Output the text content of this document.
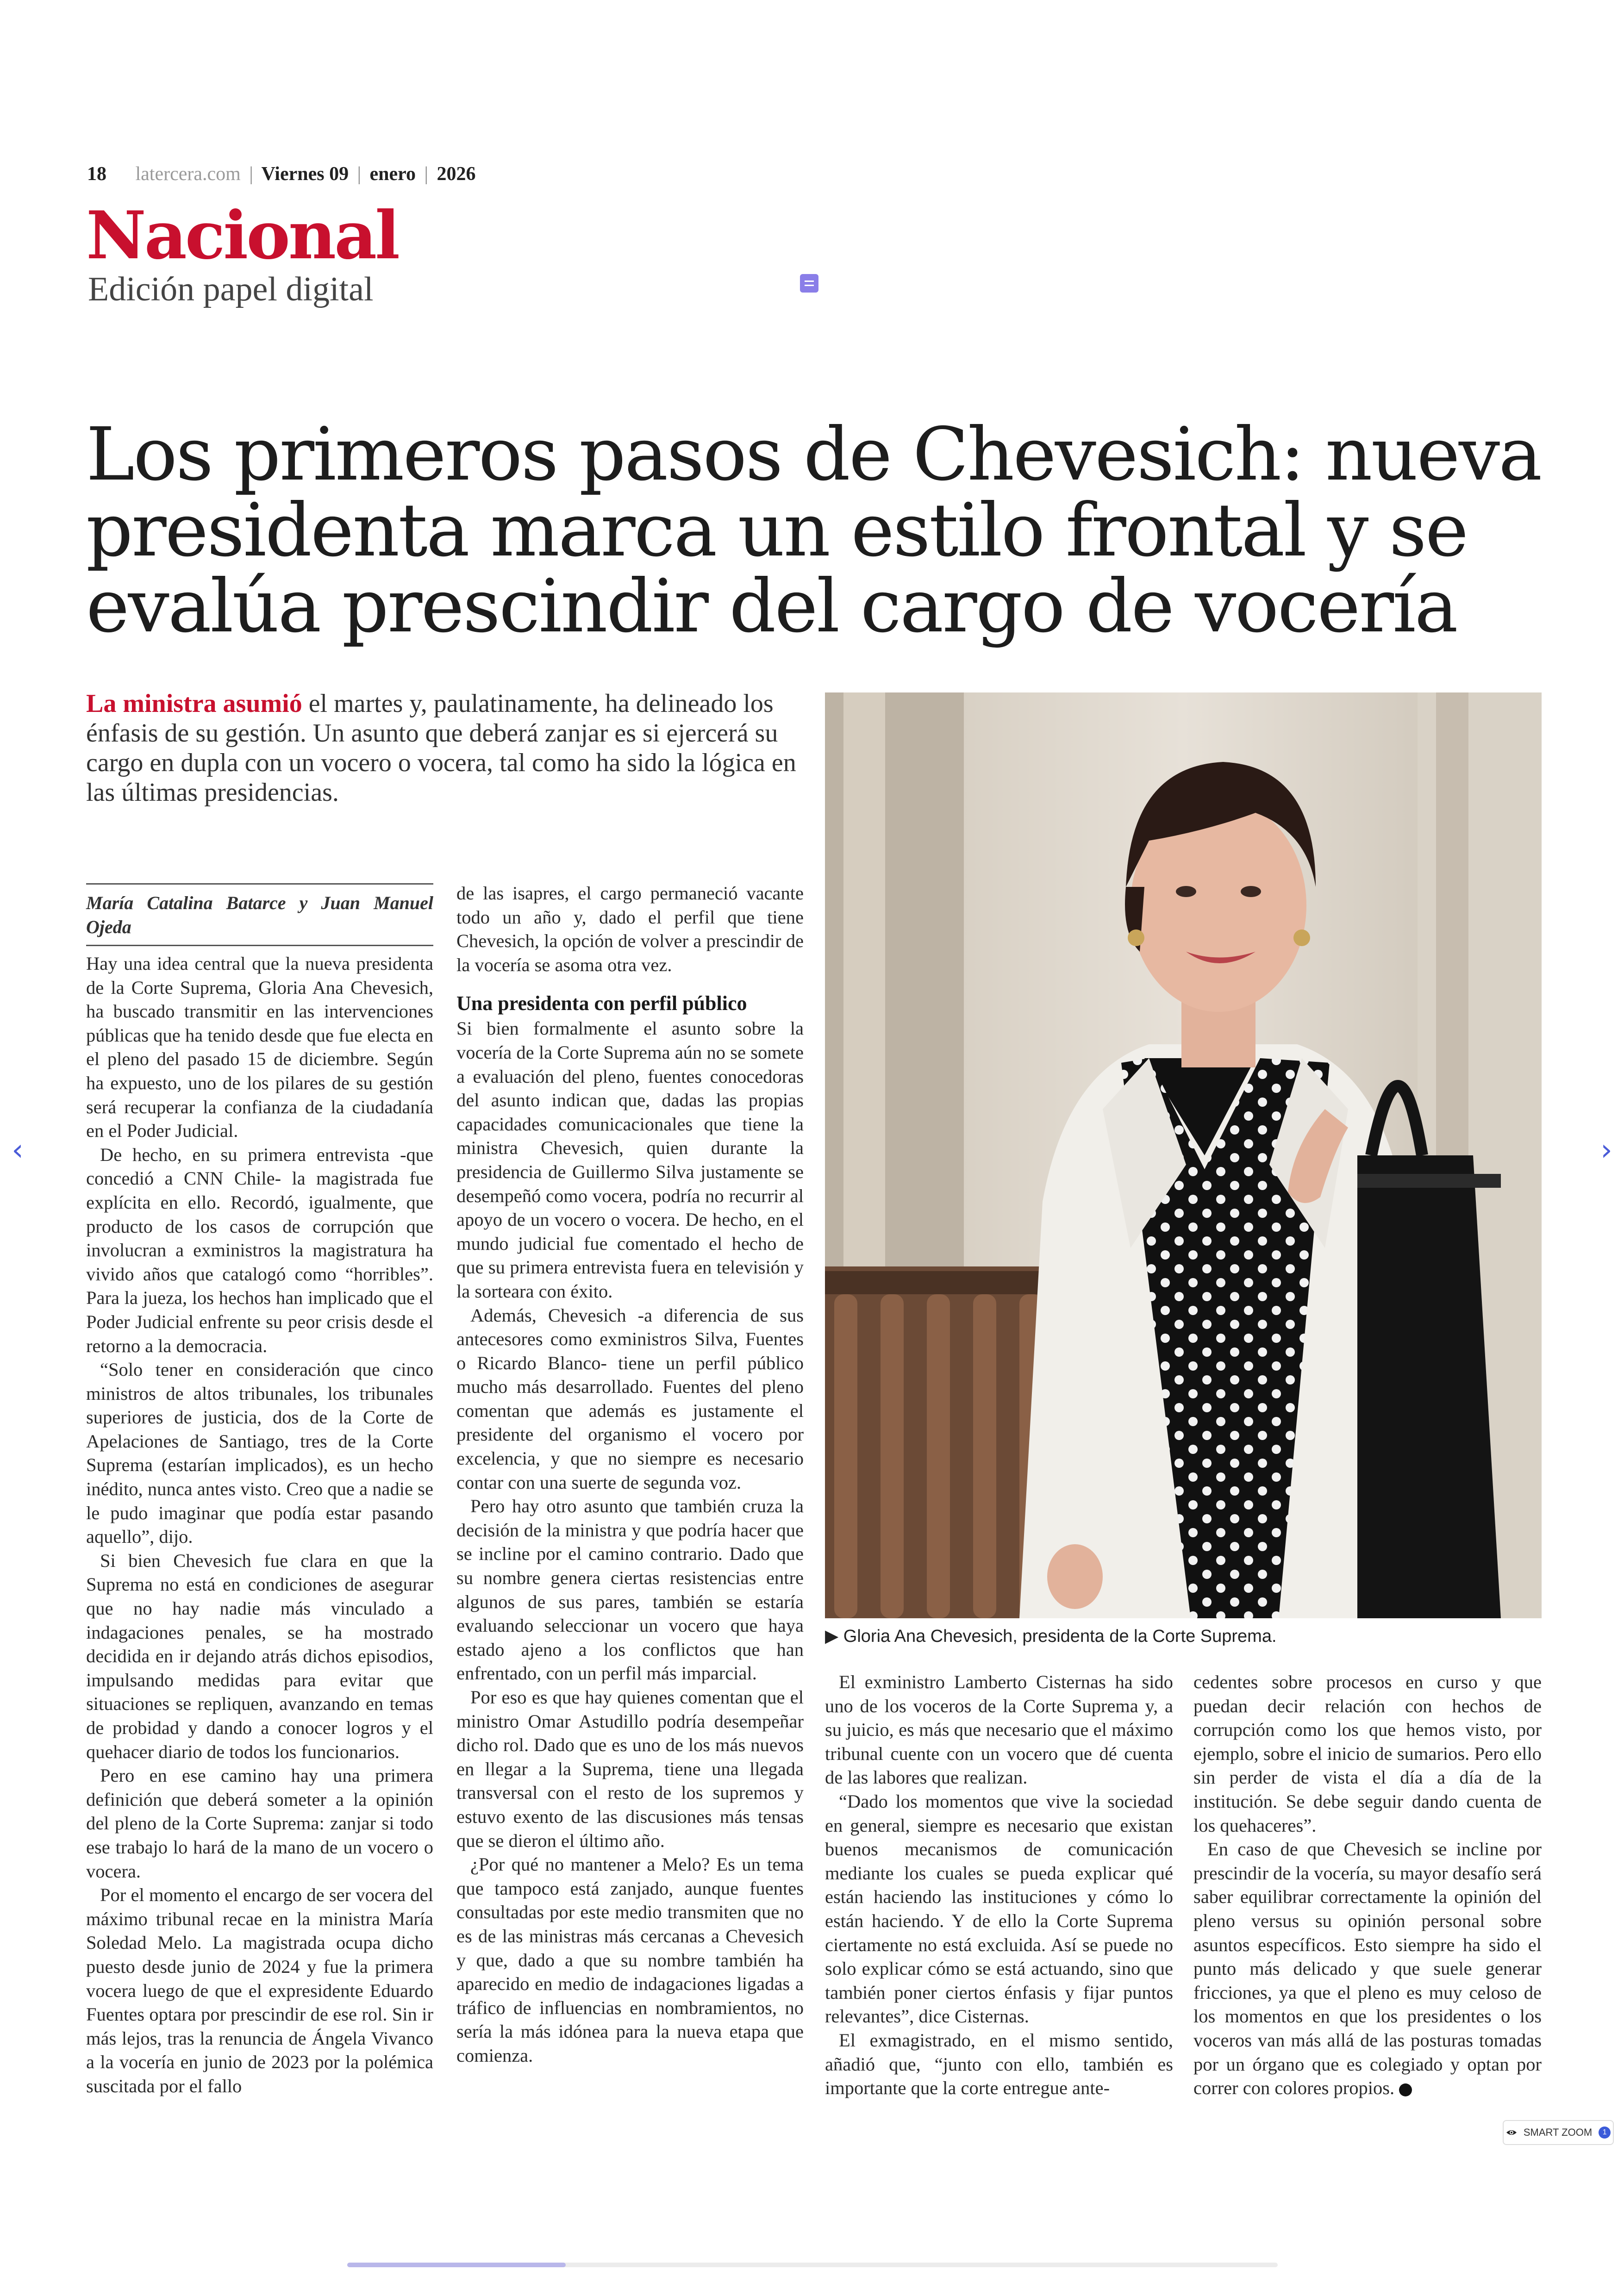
18 latercera.com | Viernes 09 | enero | 2026
Nacional
Edición papel digital
Los primeros pasos de Chevesich: nueva presidenta marca un estilo frontal y se evalúa prescindir del cargo de vocería

La ministra asumió el martes y, paulatinamente, ha delineado los énfasis de su gestión. Un asunto que deberá zanjar es si ejercerá su cargo en dupla con un vocero o vocera, tal como ha sido la lógica en las últimas presidencias.

▶ Gloria Ana Chevesich, presidenta de la Corte Suprema.
María Catalina Batarce y Juan Manuel Ojeda

Hay una idea central que la nueva presidenta de la Corte Suprema, Gloria Ana Chevesich, ha buscado transmitir en las intervenciones públicas que ha tenido desde que fue electa en el pleno del pasado 15 de diciembre. Según ha expuesto, uno de los pilares de su gestión será recuperar la confianza de la ciudadanía en el Poder Judicial.

De hecho, en su primera entrevista -que concedió a CNN Chile- la magistrada fue explícita en ello. Recordó, igualmente, que producto de los casos de corrupción que involucran a exministros la magistratura ha vivido años que catalogó como “horribles”. Para la jueza, los hechos han implicado que el Poder Judicial enfrente su peor crisis desde el retorno a la democracia.

“Solo tener en consideración que cinco ministros de altos tribunales, los tribunales superiores de justicia, dos de la Corte de Apelaciones de Santiago, tres de la Corte Suprema (estarían implicados), es un hecho inédito, nunca antes visto. Creo que a nadie se le pudo imaginar que podía estar pasando aquello”, dijo.

Si bien Chevesich fue clara en que la Suprema no está en condiciones de asegurar que no hay nadie más vinculado a indagaciones penales, se ha mostrado decidida en ir dejando atrás dichos episodios, impulsando medidas para evitar que situaciones se repliquen, avanzando en temas de probidad y dando a conocer logros y el quehacer diario de todos los funcionarios.

Pero en ese camino hay una primera definición que deberá someter a la opinión del pleno de la Corte Suprema: zanjar si todo ese trabajo lo hará de la mano de un vocero o vocera.

Por el momento el encargo de ser vocera del máximo tribunal recae en la ministra María Soledad Melo. La magistrada ocupa dicho puesto desde junio de 2024 y fue la primera vocera luego de que el expresidente Eduardo Fuentes optara por prescindir de ese rol. Sin ir más lejos, tras la renuncia de Ángela Vivanco a la vocería en junio de 2023 por la polémica suscitada por el fallo

de las isapres, el cargo permaneció vacante todo un año y, dado el perfil que tiene Chevesich, la opción de volver a prescindir de la vocería se asoma otra vez.

Una presidenta con perfil público

Si bien formalmente el asunto sobre la vocería de la Corte Suprema aún no se somete a evaluación del pleno, fuentes conocedoras del asunto indican que, dadas las propias capacidades comunicacionales que tiene la ministra Chevesich, quien durante la presidencia de Guillermo Silva justamente se desempeñó como vocera, podría no recurrir al apoyo de un vocero o vocera. De hecho, en el mundo judicial fue comentado el hecho de que su primera entrevista fuera en televisión y la sorteara con éxito.

Además, Chevesich -a diferencia de sus antecesores como exministros Silva, Fuentes o Ricardo Blanco- tiene un perfil público mucho más desarrollado. Fuentes del pleno comentan que además es justamente el presidente del organismo el vocero por excelencia, y que no siempre es necesario contar con una suerte de segunda voz.

Pero hay otro asunto que también cruza la decisión de la ministra y que podría hacer que se incline por el camino contrario. Dado que su nombre genera ciertas resistencias entre algunos de sus pares, también se estaría evaluando seleccionar un vocero que haya estado ajeno a los conflictos que han enfrentado, con un perfil más imparcial.

Por eso es que hay quienes comentan que el ministro Omar Astudillo podría desempeñar dicho rol. Dado que es uno de los más nuevos en llegar a la Suprema, tiene una llegada transversal con el resto de los supremos y estuvo exento de las discusiones más tensas que se dieron el último año.

¿Por qué no mantener a Melo? Es un tema que tampoco está zanjado, aunque fuentes consultadas por este medio transmiten que no es de las ministras más cercanas a Chevesich y que, dado a que su nombre también ha aparecido en medio de indagaciones ligadas a tráfico de influencias en nombramientos, no sería la más idónea para la nueva etapa que comienza.

El exministro Lamberto Cisternas ha sido uno de los voceros de la Corte Suprema y, a su juicio, es más que necesario que el máximo tribunal cuente con un vocero que dé cuenta de las labores que realizan.

“Dado los momentos que vive la sociedad en general, siempre es necesario que existan buenos mecanismos de comunicación mediante los cuales se pueda explicar qué están haciendo las instituciones y cómo lo están haciendo. Y de ello la Corte Suprema ciertamente no está excluida. Así se puede no solo explicar cómo se está actuando, sino que también poner ciertos énfasis y fijar puntos relevantes”, dice Cisternas.

El exmagistrado, en el mismo sentido, añadió que, “junto con ello, también es importante que la corte entregue ante-

cedentes sobre procesos en curso y que puedan decir relación con hechos de corrupción como los que hemos visto, por ejemplo, sobre el inicio de sumarios. Pero ello sin perder de vista el día a día de la institución. Se debe seguir dando cuenta de los quehaceres”.

En caso de que Chevesich se incline por prescindir de la vocería, su mayor desafío será saber equilibrar correctamente la opinión del pleno versus su opinión personal sobre asuntos específicos. Esto siempre ha sido el punto más delicado y que suele generar fricciones, ya que el pleno es muy celoso de los momentos en que los presidentes o los voceros van más allá de las posturas tomadas por un órgano que es colegiado y optan por correr con colores propios.

‹	›
SMART ZOOM	1
